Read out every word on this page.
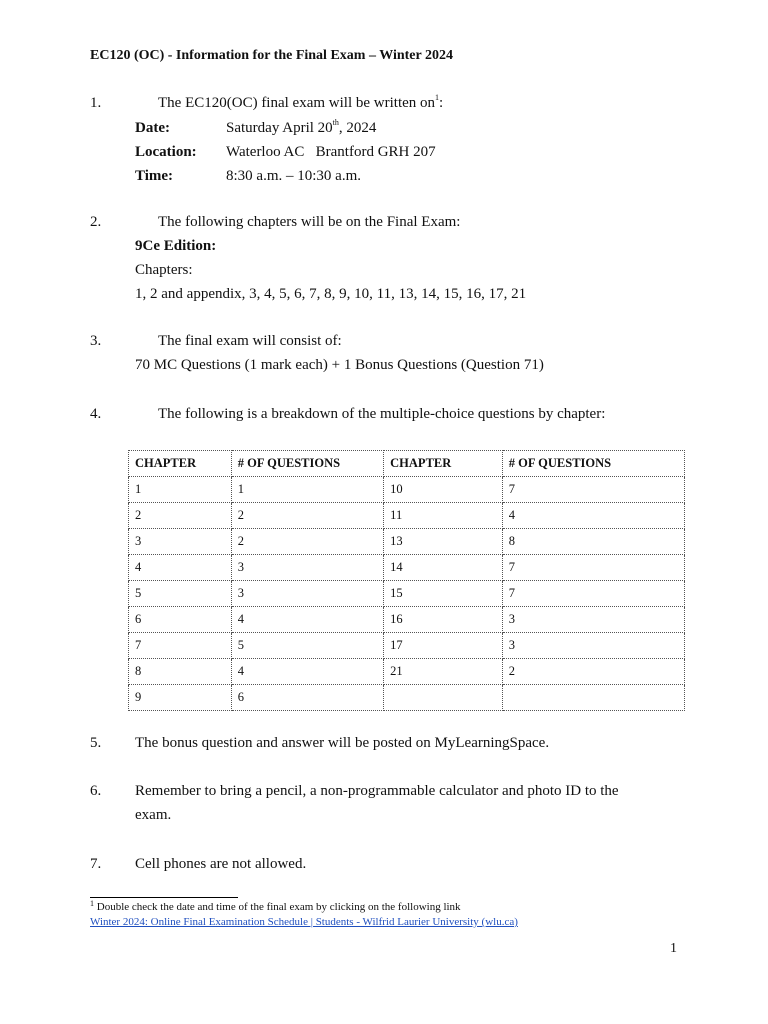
EC120 (OC) - Information for the Final Exam – Winter 2024
1.	The EC120(OC) final exam will be written $on^1$:
Date:	Saturday April 20th, 2024
Location: Waterloo AC Brantford GRH 207
Time:	8:30 a.m. – 10:30 a.m.
2.	The following chapters will be on the Final Exam:
9Ce Edition:
Chapters:
1, 2 and appendix, 3, 4, 5, 6, 7, 8, 9, 10, 11, 13, 14, 15, 16, 17, 21
3.	The final exam will consist of:
70 MC Questions (1 mark each) + 1 Bonus Questions (Question 71)
4.	The following is a breakdown of the multiple-choice questions by chapter:
CHAPTER	# OF QUESTIONS	CHAPTER	# OF QUESTIONS
1	1	10	7
2	2	11	4
3	2	13	8
4	3	14	7
5	3	15	7
6	4	16	3
7	5	17	3
8	4	21	2
9	6		
5. The bonus question and answer will be posted on MyLearningSpace.
6. Remember to bring a pencil, a non-programmable calculator and photo ID to the
exam.
7. Cell phones are not allowed.
$^1$ Double check the date and time of the final exam by clicking on the following link
Winter 2024: Online Final Examination Schedule | Students - Wilfrid Laurier University (wlu.ca)
1
